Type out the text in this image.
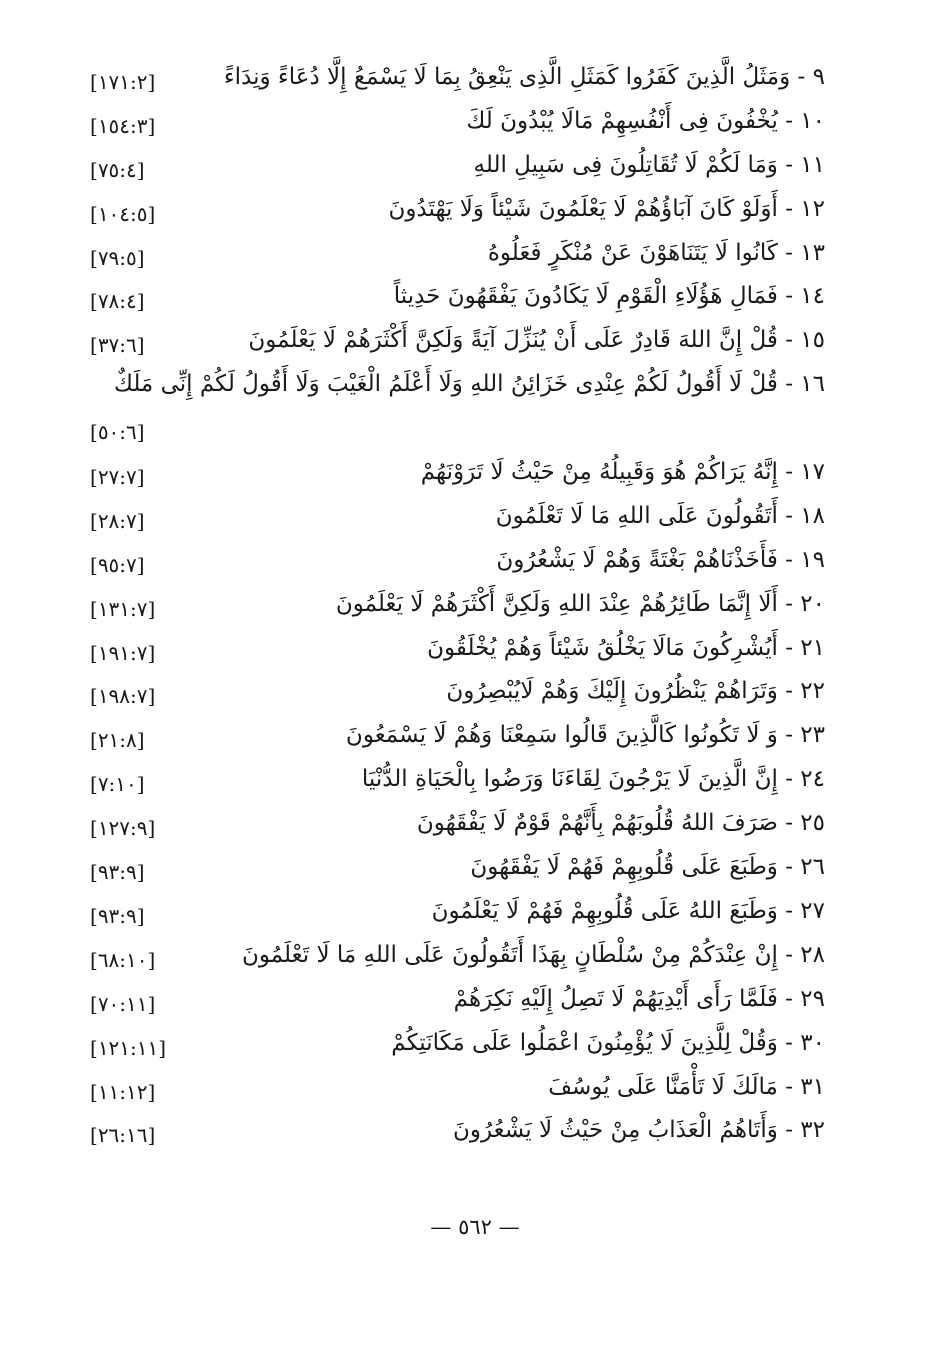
٩ - وَمَثَلُ الَّذِينَ كَفَرُوا كَمَثَلِ الَّذِى يَنْعِقُ بِمَا لَا يَسْمَعُ إِلَّا دُعَاءً وَنِدَاءً
[١٧١:٢]
١٠ - يُخْفُونَ فِى أَنْفُسِهِمْ مَالَا يُبْدُونَ لَكَ
[١٥٤:٣]
١١ - وَمَا لَكُمْ لَا تُقَاتِلُونَ فِى سَبِيلِ اللهِ
[٧٥:٤]
١٢ - أَوَلَوْ كَانَ آبَاؤُهُمْ لَا يَعْلَمُونَ شَيْئاً وَلَا يَهْتَدُونَ
[١٠٤:٥]
١٣ - كَانُوا لَا يَتَنَاهَوْنَ عَنْ مُنْكَرٍ فَعَلُوهُ
[٧٩:٥]
١٤ - فَمَالِ هَؤُلَاءِ الْقَوْمِ لَا يَكَادُونَ يَفْقَهُونَ حَدِيثاً
[٧٨:٤]
١٥ - قُلْ إِنَّ اللهَ قَادِرٌ عَلَى أَنْ يُنَزِّلَ آيَةً وَلَكِنَّ أَكْثَرَهُمْ لَا يَعْلَمُونَ
[٣٧:٦]
١٦ - قُلْ لَا أَقُولُ لَكُمْ عِنْدِى خَزَائِنُ اللهِ وَلَا أَعْلَمُ الْغَيْبَ وَلَا أَقُولُ لَكُمْ إِنِّى مَلَكٌ
[٥٠:٦]
١٧ - إِنَّهُ يَرَاكُمْ هُوَ وَقَبِيلُهُ مِنْ حَيْثُ لَا تَرَوْنَهُمْ
[٢٧:٧]
١٨ - أَتَقُولُونَ عَلَى اللهِ مَا لَا تَعْلَمُونَ
[٢٨:٧]
١٩ - فَأَخَذْنَاهُمْ بَغْتَةً وَهُمْ لَا يَشْعُرُونَ
[٩٥:٧]
٢٠ - أَلَا إِنَّمَا طَائِرُهُمْ عِنْدَ اللهِ وَلَكِنَّ أَكْثَرَهُمْ لَا يَعْلَمُونَ
[١٣١:٧]
٢١ - أَيُشْرِكُونَ مَالَا يَخْلُقُ شَيْئاً وَهُمْ يُخْلَقُونَ
[١٩١:٧]
٢٢ - وَتَرَاهُمْ يَنْظُرُونَ إِلَيْكَ وَهُمْ لَايُبْصِرُونَ
[١٩٨:٧]
٢٣ - وَ لَا تَكُونُوا كَالَّذِينَ قَالُوا سَمِعْنَا وَهُمْ لَا يَسْمَعُونَ
[٢١:٨]
٢٤ - إِنَّ الَّذِينَ لَا يَرْجُونَ لِقَاءَنَا وَرَضُوا بِالْحَيَاةِ الدُّنْيَا
[٧:١٠]
٢٥ - صَرَفَ اللهُ قُلُوبَهُمْ بِأَنَّهُمْ قَوْمٌ لَا يَفْقَهُونَ
[١٢٧:٩]
٢٦ - وَطَبَعَ عَلَى قُلُوبِهِمْ فَهُمْ لَا يَفْقَهُونَ
[٩٣:٩]
٢٧ - وَطَبَعَ اللهُ عَلَى قُلُوبِهِمْ فَهُمْ لَا يَعْلَمُونَ
[٩٣:٩]
٢٨ - إِنْ عِنْدَكُمْ مِنْ سُلْطَانٍ بِهَذَا أَتَقُولُونَ عَلَى اللهِ مَا لَا تَعْلَمُونَ
[٦٨:١٠]
٢٩ - فَلَمَّا رَأَى أَيْدِيَهُمْ لَا تَصِلُ إِلَيْهِ نَكِرَهُمْ
[٧٠:١١]
٣٠ - وَقُلْ لِلَّذِينَ لَا يُؤْمِنُونَ اعْمَلُوا عَلَى مَكَانَتِكُمْ
[١٢١:١١]
٣١ - مَالَكَ لَا تَأْمَنَّا عَلَى يُوسُفَ
[١١:١٢]
٣٢ - وَأَتَاهُمُ الْعَذَابُ مِنْ حَيْثُ لَا يَشْعُرُونَ
[٢٦:١٦]
— ٥٦٢ —
